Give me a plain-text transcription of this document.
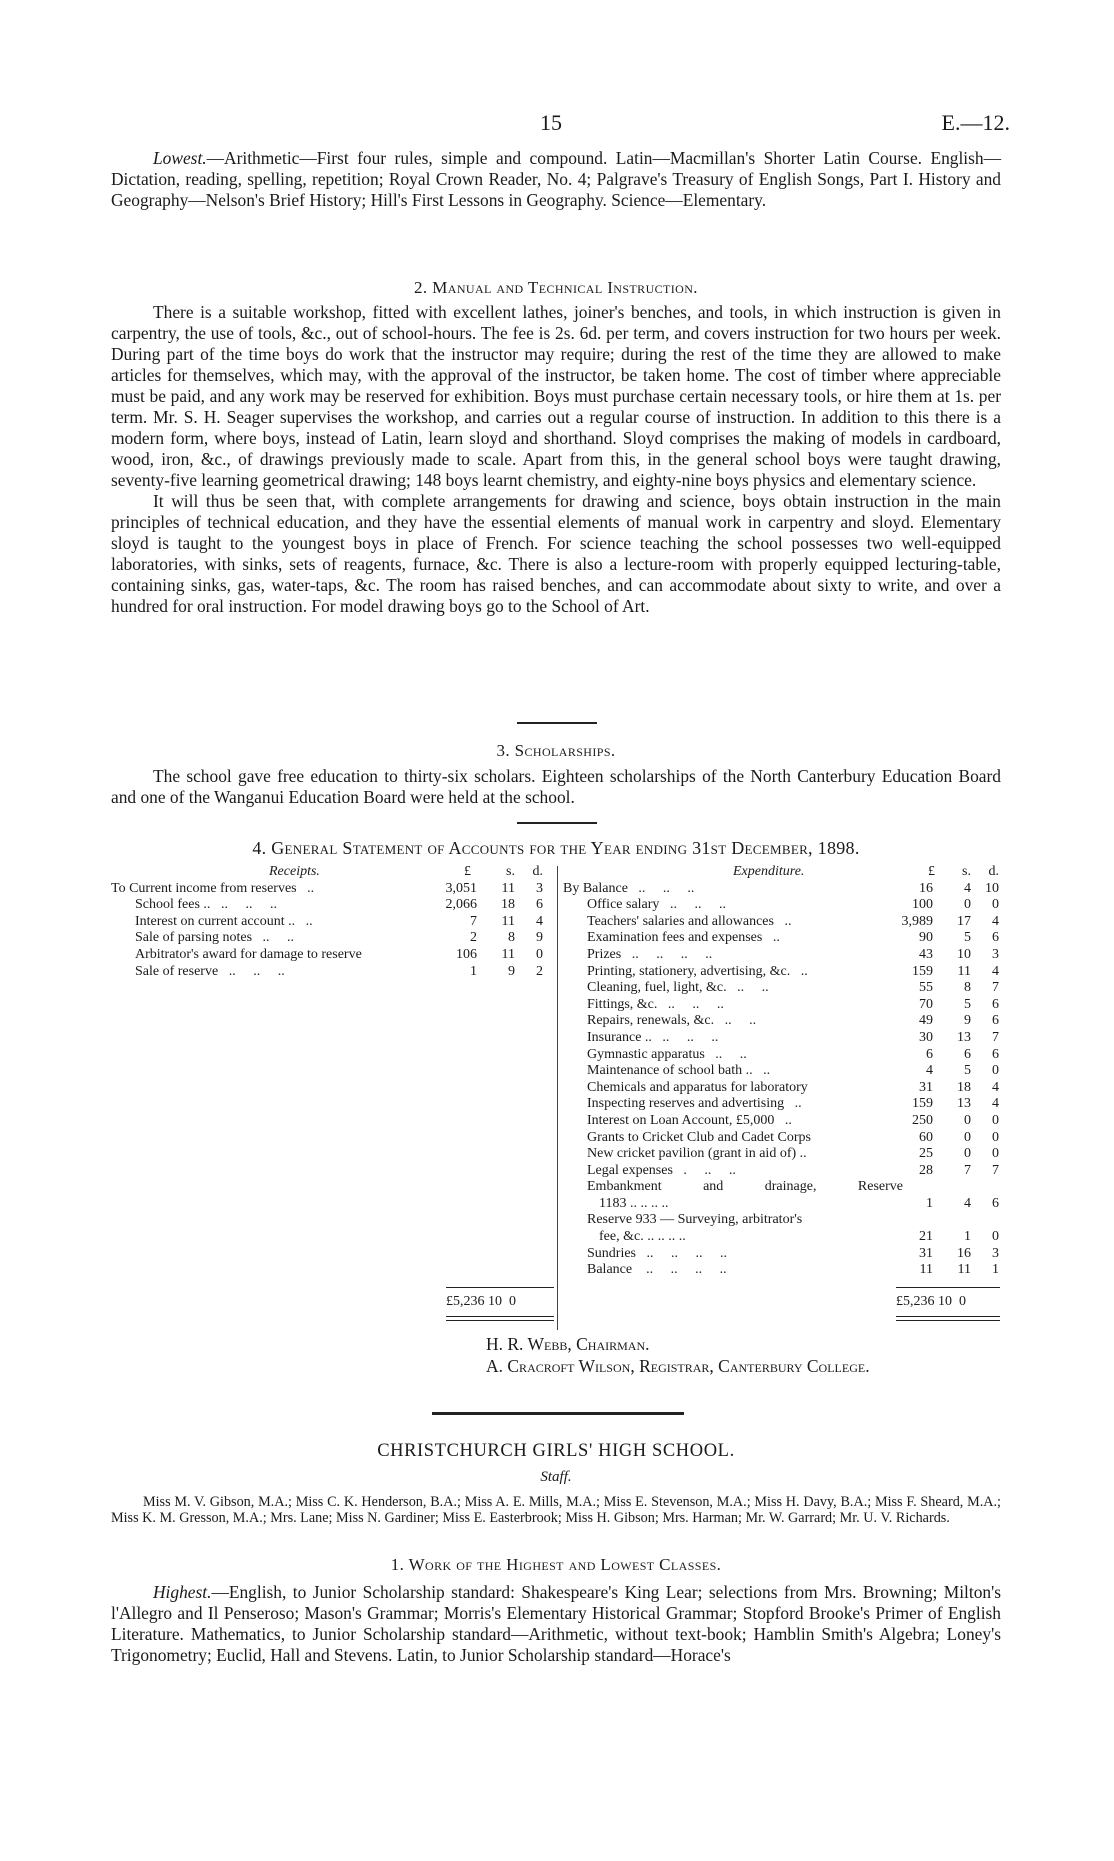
15	E.—12.

Lowest.—Arithmetic—First four rules, simple and compound. Latin—Macmillan's Shorter Latin Course. English—Dictation, reading, spelling, repetition; Royal Crown Reader, No. 4; Palgrave's Treasury of English Songs, Part I. History and Geography—Nelson's Brief History; Hill's First Lessons in Geography. Science—Elementary.

2. Manual and Technical Instruction.

There is a suitable workshop, fitted with excellent lathes, joiner's benches, and tools, in which instruction is given in carpentry, the use of tools, &c., out of school-hours. The fee is 2s. 6d. per term, and covers instruction for two hours per week. During part of the time boys do work that the instructor may require; during the rest of the time they are allowed to make articles for themselves, which may, with the approval of the instructor, be taken home. The cost of timber where appreciable must be paid, and any work may be reserved for exhibition. Boys must purchase certain necessary tools, or hire them at 1s. per term. Mr. S. H. Seager supervises the workshop, and carries out a regular course of instruction. In addition to this there is a modern form, where boys, instead of Latin, learn sloyd and shorthand. Sloyd comprises the making of models in cardboard, wood, iron, &c., of drawings previously made to scale. Apart from this, in the general school boys were taught drawing, seventy-five learning geometrical drawing; 148 boys learnt chemistry, and eighty-nine boys physics and elementary science.

It will thus be seen that, with complete arrangements for drawing and science, boys obtain instruction in the main principles of technical education, and they have the essential elements of manual work in carpentry and sloyd. Elementary sloyd is taught to the youngest boys in place of French. For science teaching the school possesses two well-equipped laboratories, with sinks, sets of reagents, furnace, &c. There is also a lecture-room with properly equipped lecturing-table, containing sinks, gas, water-taps, &c. The room has raised benches, and can accommodate about sixty to write, and over a hundred for oral instruction. For model drawing boys go to the School of Art.

3. Scholarships.

The school gave free education to thirty-six scholars. Eighteen scholarships of the North Canterbury Education Board and one of the Wanganui Education Board were held at the school.

4. General Statement of Accounts for the Year ending 31st December, 1898.
Receipts.	£	s.	d.
To Current income from reserves ..	3,051	11	3
School fees .. ..     ..     ..	2,066	18	6
Interest on current account .. ..	7	11	4
Sale of parsing notes ..     ..	2	8	9
Arbitrator's award for damage to reserve	106	11	0
Sale of reserve ..     ..     ..	1	9	2
Expenditure.	£	s.	d.
By Balance ..     ..     ..	16	4	10
Office salary ..     ..     ..	100	0	0
Teachers' salaries and allowances ..	3,989	17	4
Examination fees and expenses ..	90	5	6
Prizes ..     ..     ..     ..	43	10	3
Printing, stationery, advertising, &c. ..	159	11	4
Cleaning, fuel, light, &c. ..     ..	55	8	7
Fittings, &c. ..     ..     ..	70	5	6
Repairs, renewals, &c. ..     ..	49	9	6
Insurance .. ..     ..     ..	30	13	7
Gymnastic apparatus ..     ..	6	6	6
Maintenance of school bath .. ..	4	5	0
Chemicals and apparatus for laboratory	31	18	4
Inspecting reserves and advertising ..	159	13	4
Interest on Loan Account, £5,000 ..	250	0	0
Grants to Cricket Club and Cadet Corps	60	0	0
New cricket pavilion (grant in aid of) ..	25	0	0
Legal expenses .     ..     ..	28	7	7
Embankment and drainage, Reserve
1183 .. .. .. ..	1	4	6
Reserve 933 — Surveying, arbitrator's
fee, &c. .. .. .. ..	21	1	0
Sundries ..     ..     ..     ..	31	16	3
Balance ..     ..     ..     ..	11	11	1
£5,236 10  0	£5,236 10  0
H. R. Webb, Chairman.
A. Cracroft Wilson, Registrar, Canterbury College.
CHRISTCHURCH GIRLS' HIGH SCHOOL.
Staff.

Miss M. V. Gibson, M.A.; Miss C. K. Henderson, B.A.; Miss A. E. Mills, M.A.; Miss E. Stevenson, M.A.; Miss H. Davy, B.A.; Miss F. Sheard, M.A.; Miss K. M. Gresson, M.A.; Mrs. Lane; Miss N. Gardiner; Miss E. Easterbrook; Miss H. Gibson; Mrs. Harman; Mr. W. Garrard; Mr. U. V. Richards.

1. Work of the Highest and Lowest Classes.

Highest.—English, to Junior Scholarship standard: Shakespeare's King Lear; selections from Mrs. Browning; Milton's l'Allegro and Il Penseroso; Mason's Grammar; Morris's Elementary Historical Grammar; Stopford Brooke's Primer of English Literature. Mathematics, to Junior Scholarship standard—Arithmetic, without text-book; Hamblin Smith's Algebra; Loney's Trigonometry; Euclid, Hall and Stevens. Latin, to Junior Scholarship standard—Horace's
